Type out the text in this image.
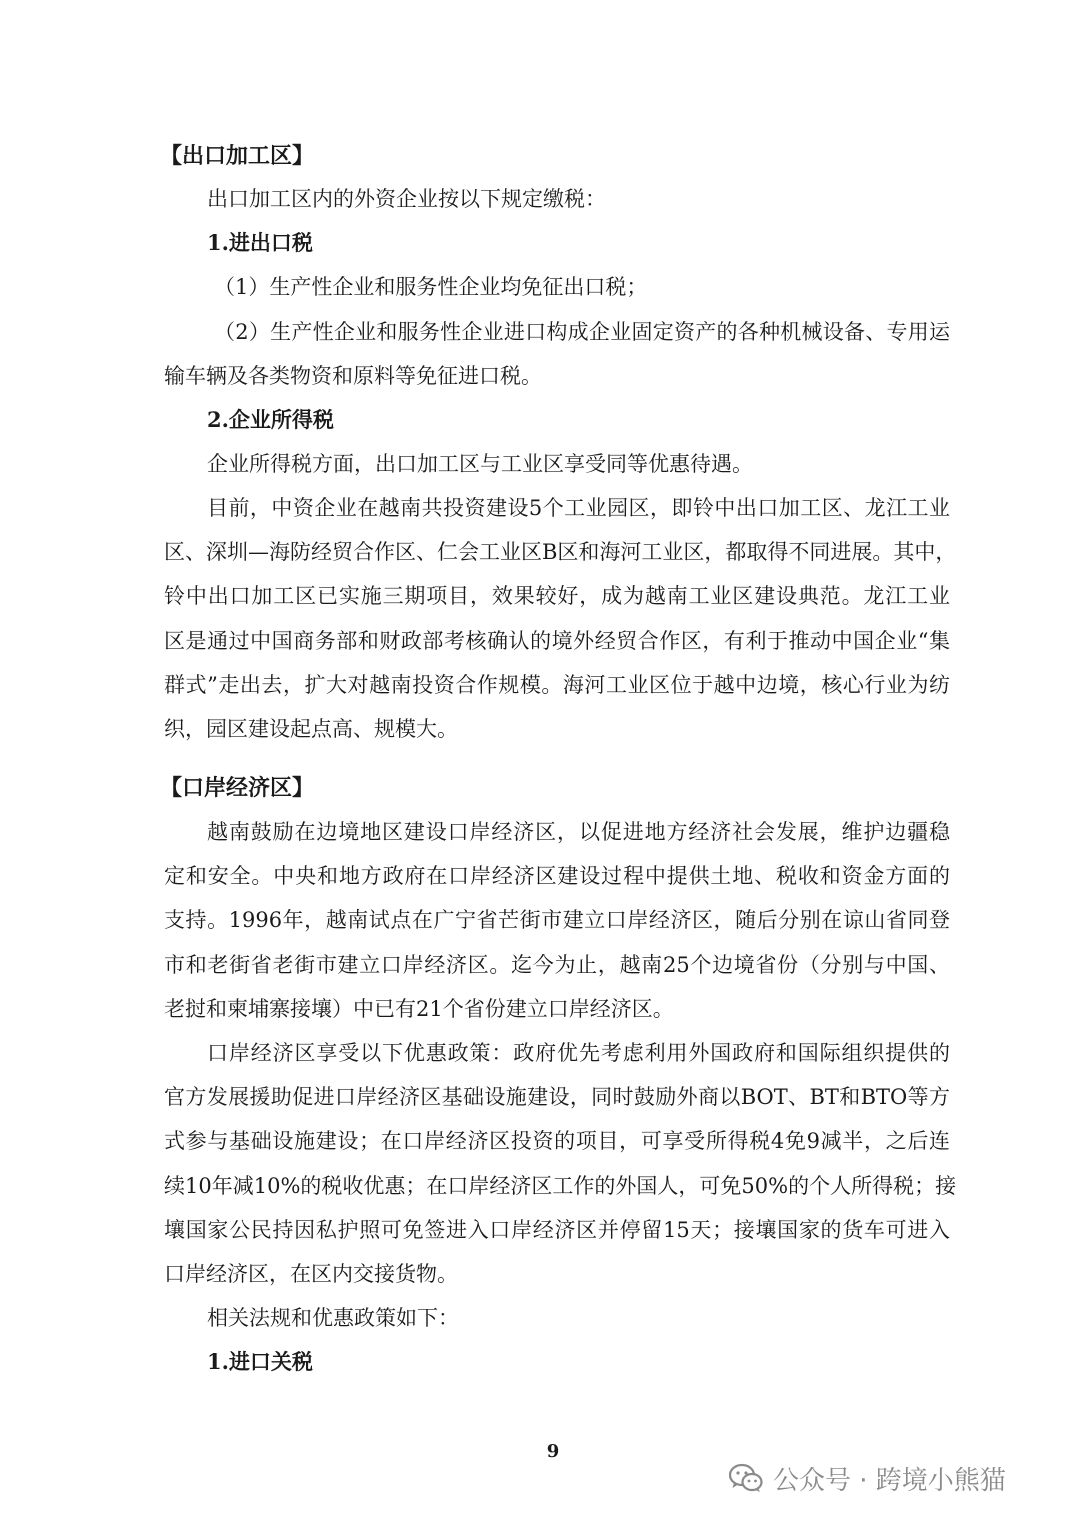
【出口加工区】
出口加工区内的外资企业按以下规定缴税：
1.进出口税
（1）生产性企业和服务性企业均免征出口税；
（2）生产性企业和服务性企业进口构成企业固定资产的各种机械设备、专用运
输车辆及各类物资和原料等免征进口税。
2.企业所得税
企业所得税方面，出口加工区与工业区享受同等优惠待遇。
目前，中资企业在越南共投资建设5个工业园区，即铃中出口加工区、龙江工业
区、深圳—海防经贸合作区、仁会工业区B区和海河工业区，都取得不同进展。其中，
铃中出口加工区已实施三期项目，效果较好，成为越南工业区建设典范。龙江工业
区是通过中国商务部和财政部考核确认的境外经贸合作区，有利于推动中国企业“集
群式”走出去，扩大对越南投资合作规模。海河工业区位于越中边境，核心行业为纺
织，园区建设起点高、规模大。
【口岸经济区】
越南鼓励在边境地区建设口岸经济区，以促进地方经济社会发展，维护边疆稳
定和安全。中央和地方政府在口岸经济区建设过程中提供土地、税收和资金方面的
支持。1996年，越南试点在广宁省芒街市建立口岸经济区，随后分别在谅山省同登
市和老街省老街市建立口岸经济区。迄今为止，越南25个边境省份（分别与中国、
老挝和柬埔寨接壤）中已有21个省份建立口岸经济区。
口岸经济区享受以下优惠政策：政府优先考虑利用外国政府和国际组织提供的
官方发展援助促进口岸经济区基础设施建设，同时鼓励外商以BOT、BT和BTO等方
式参与基础设施建设；在口岸经济区投资的项目，可享受所得税4免9减半，之后连
续10年减10%的税收优惠；在口岸经济区工作的外国人，可免50%的个人所得税；接
壤国家公民持因私护照可免签进入口岸经济区并停留15天；接壤国家的货车可进入
口岸经济区，在区内交接货物。
相关法规和优惠政策如下：
1.进口关税
9
公众号 · 跨境小熊猫
